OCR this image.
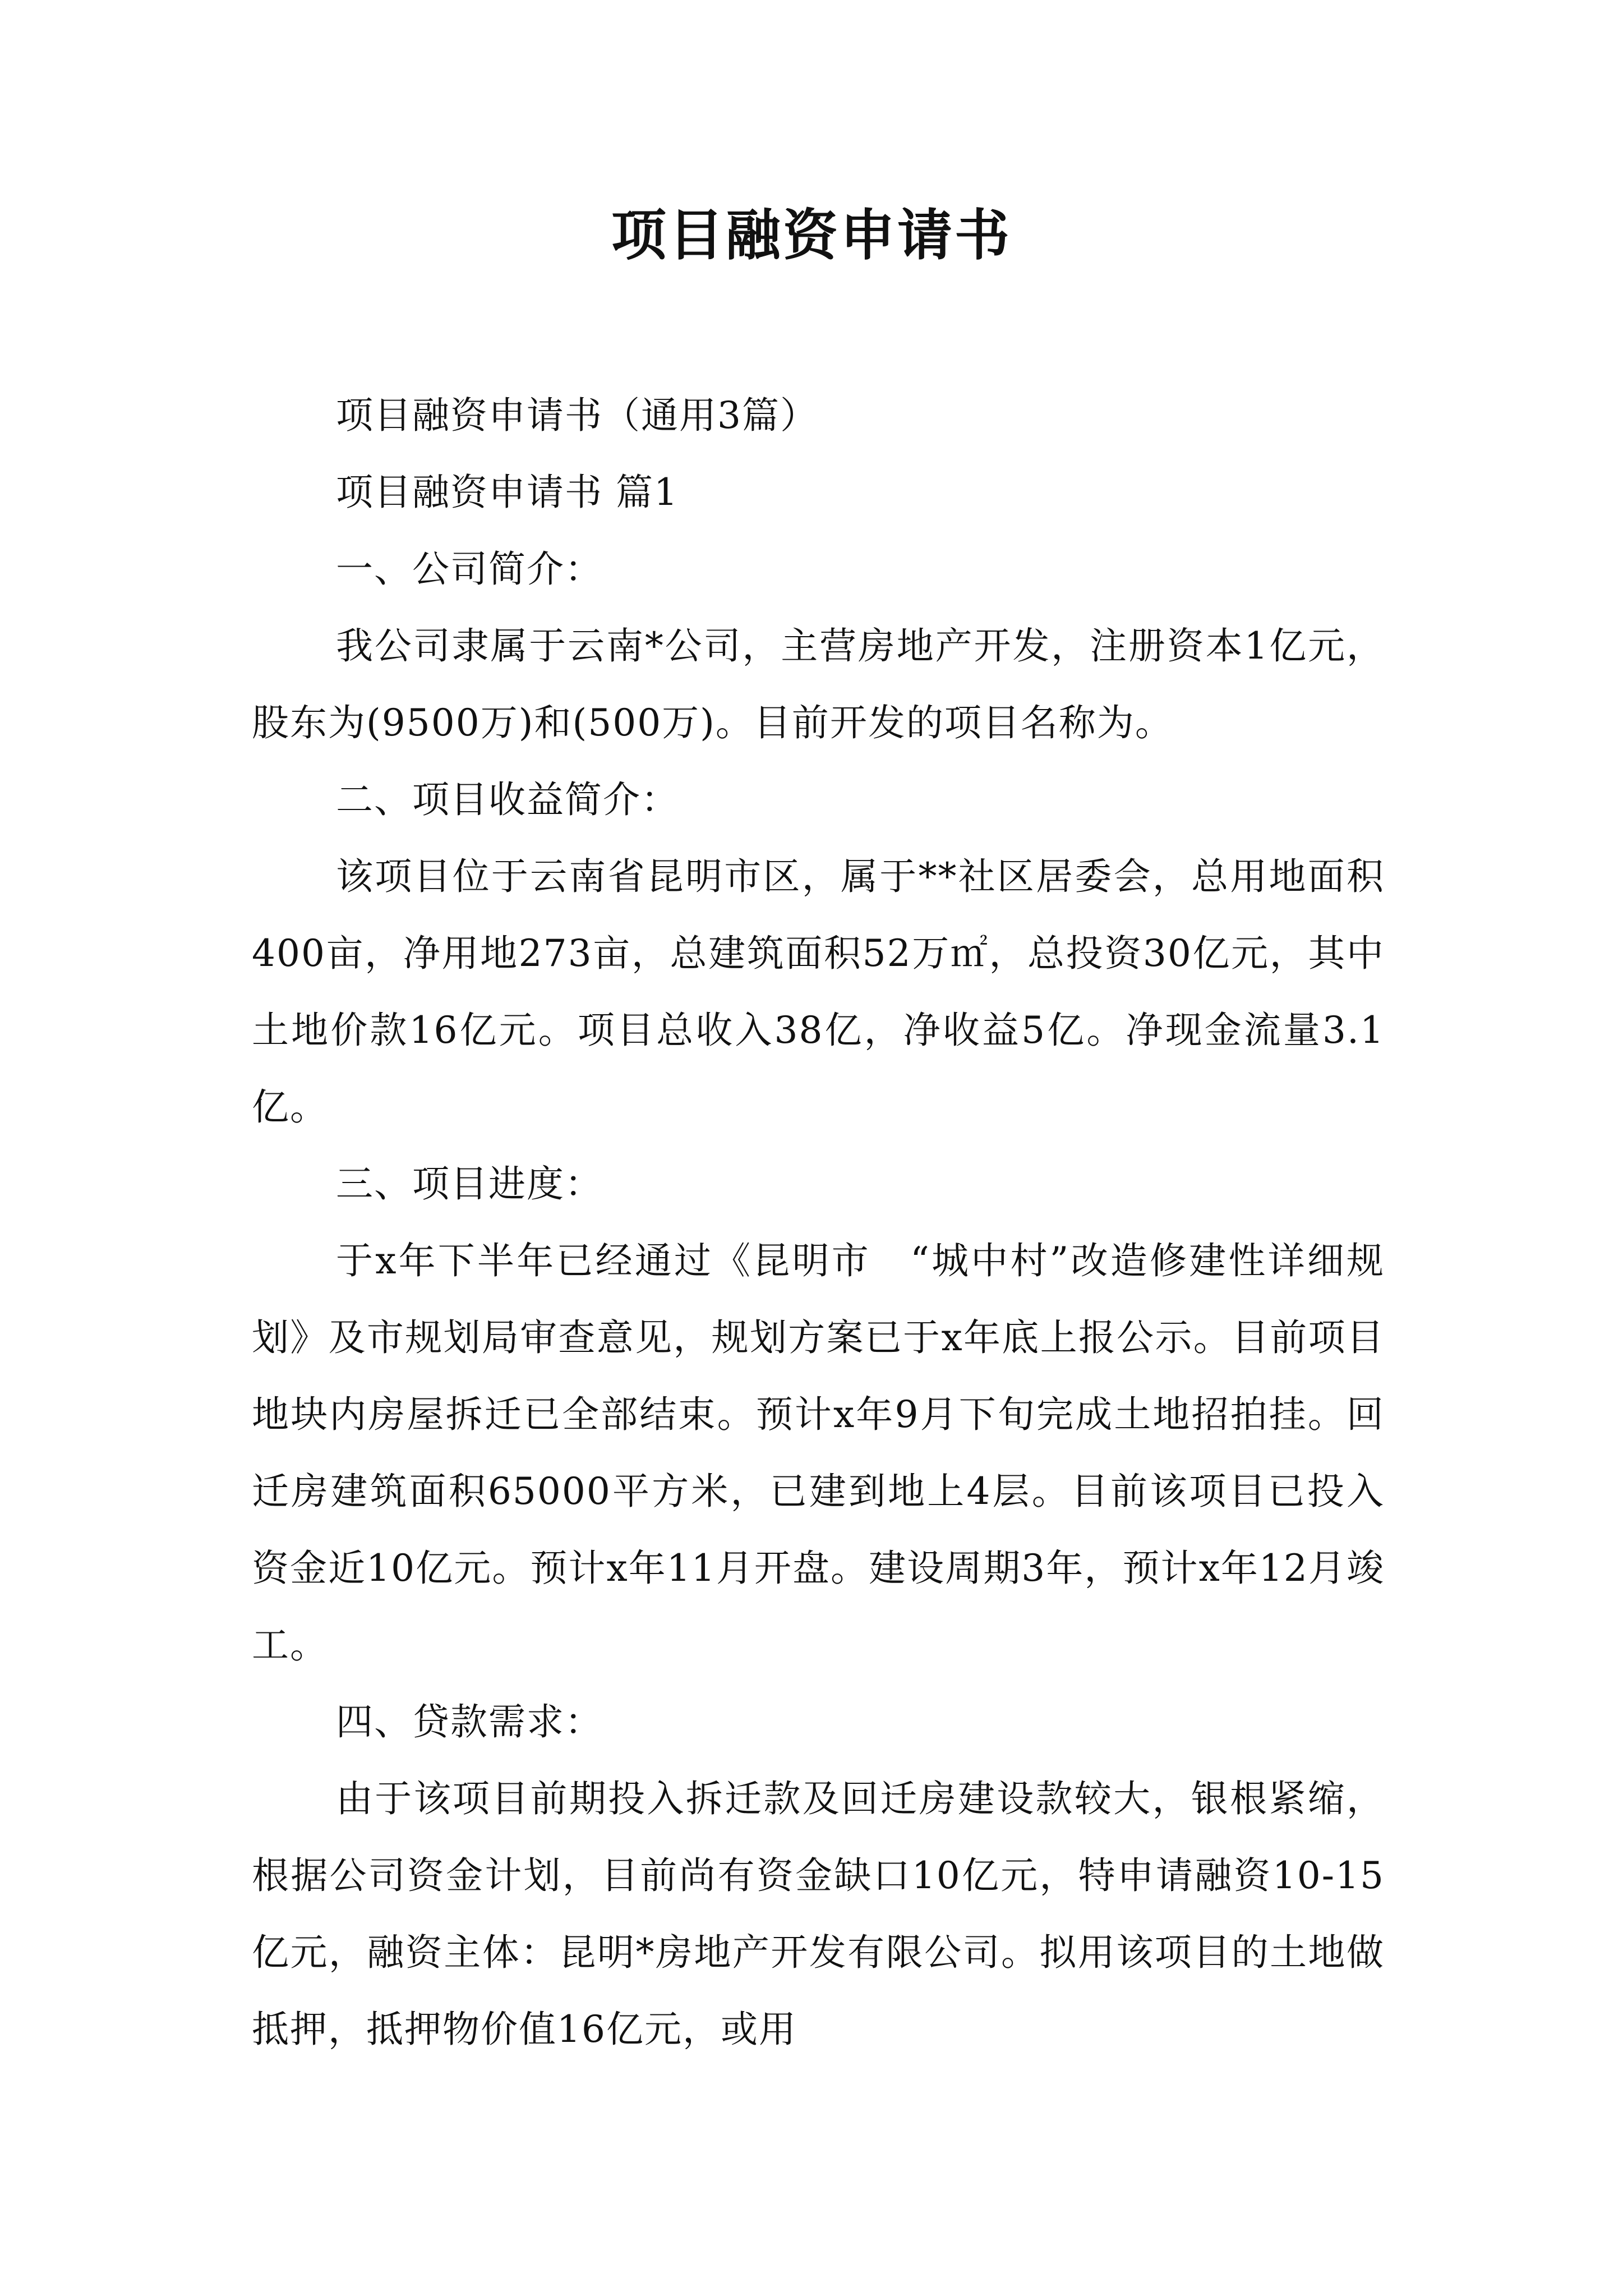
项目融资申请书

项目融资申请书（通用3篇）

项目融资申请书 篇1

一、公司简介：

我公司隶属于云南*公司，主营房地产开发，注册资本1亿元，股东为(9500万)和(500万)。目前开发的项目名称为。

二、项目收益简介：

该项目位于云南省昆明市区，属于**社区居委会，总用地面积400亩，净用地273亩，总建筑面积52万㎡，总投资30亿元，其中土地价款16亿元。项目总收入38亿，净收益5亿。净现金流量3.1亿。

三、项目进度：

于x年下半年已经通过《昆明市　“城中村”改造修建性详细规划》及市规划局审查意见，规划方案已于x年底上报公示。目前项目地块内房屋拆迁已全部结束。预计x年9月下旬完成土地招拍挂。回迁房建筑面积65000平方米，已建到地上4层。目前该项目已投入资金近10亿元。预计x年11月开盘。建设周期3年，预计x年12月竣工。

四、贷款需求：

由于该项目前期投入拆迁款及回迁房建设款较大，银根紧缩，根据公司资金计划，目前尚有资金缺口10亿元，特申请融资10-15亿元，融资主体：昆明*房地产开发有限公司。拟用该项目的土地做抵押，抵押物价值16亿元，或用
